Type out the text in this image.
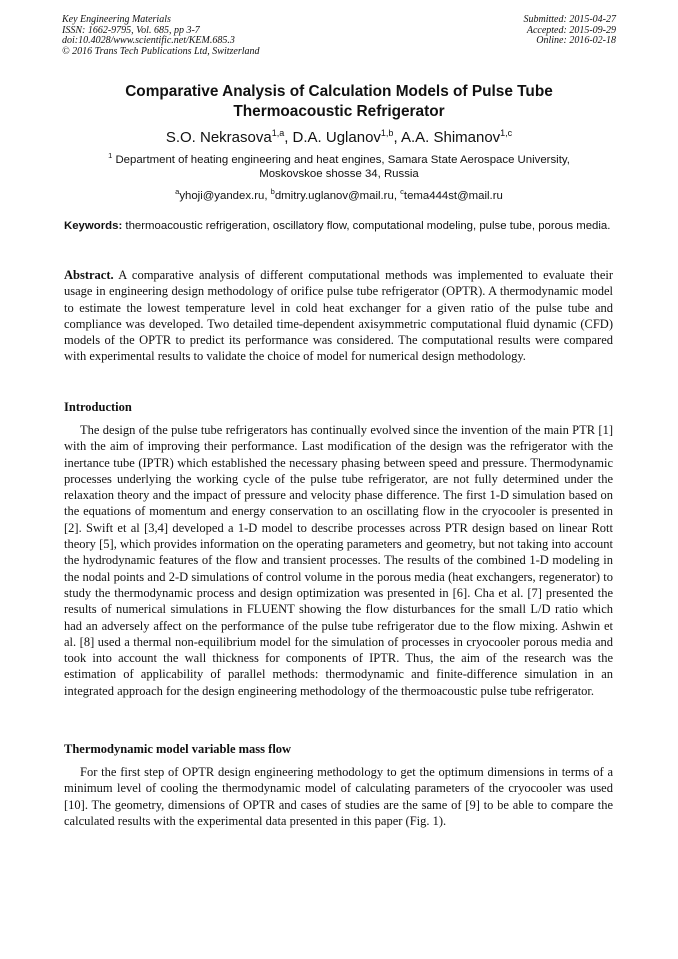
Key Engineering Materials
ISSN: 1662-9795, Vol. 685, pp 3-7
doi:10.4028/www.scientific.net/KEM.685.3
© 2016 Trans Tech Publications Ltd, Switzerland
Submitted: 2015-04-27
Accepted: 2015-09-29
Online: 2016-02-18
Comparative Analysis of Calculation Models of Pulse Tube
Thermoacoustic Refrigerator
S.O. Nekrasova$^{1,a}$, D.A. Uglanov$^{1,b}$, A.A. Shimanov$^{1,c}$
$^1$ Department of heating engineering and heat engines, Samara State Aerospace University,
Moskovskoe shosse 34, Russia
$^a$yhoji@yandex.ru, $^b$dmitry.uglanov@mail.ru, $^c$tema444st@mail.ru
Keywords: thermoacoustic refrigeration, oscillatory flow, computational modeling, pulse tube, porous media.
Abstract. A comparative analysis of different computational methods was implemented to evaluate their usage in engineering design methodology of orifice pulse tube refrigerator (OPTR). A thermodynamic model to estimate the lowest temperature level in cold heat exchanger for a given ratio of the pulse tube and compliance was developed. Two detailed time-dependent axisymmetric computational fluid dynamic (CFD) models of the OPTR to predict its performance was considered. The computational results were compared with experimental results to validate the choice of model for numerical design methodology.
Introduction
The design of the pulse tube refrigerators has continually evolved since the invention of the main PTR [1] with the aim of improving their performance. Last modification of the design was the refrigerator with the inertance tube (IPTR) which established the necessary phasing between speed and pressure. Thermodynamic processes underlying the working cycle of the pulse tube refrigerator, are not fully determined under the relaxation theory and the impact of pressure and velocity phase difference. The first 1-D simulation based on the equations of momentum and energy conservation to an oscillating flow in the cryocooler is presented in [2]. Swift et al [3,4] developed a 1-D model to describe processes across PTR design based on linear Rott theory [5], which provides information on the operating parameters and geometry, but not taking into account the hydrodynamic features of the flow and transient processes. The results of the combined 1-D modeling in the nodal points and 2-D simulations of control volume in the porous media (heat exchangers, regenerator) to study the thermodynamic process and design optimization was presented in [6]. Cha et al. [7] presented the results of numerical simulations in FLUENT showing the flow disturbances for the small L/D ratio which had an adversely affect on the performance of the pulse tube refrigerator due to the flow mixing. Ashwin et al. [8] used a thermal non-equilibrium model for the simulation of processes in cryocooler porous media and took into account the wall thickness for components of IPTR. Thus, the aim of the research was the estimation of applicability of parallel methods: thermodynamic and finite-difference simulation in an integrated approach for the design engineering methodology of the thermoacoustic pulse tube refrigerator.
Thermodynamic model variable mass flow
For the first step of OPTR design engineering methodology to get the optimum dimensions in terms of a minimum level of cooling the thermodynamic model of calculating parameters of the cryocooler was used [10]. The geometry, dimensions of OPTR and cases of studies are the same of [9] to be able to compare the calculated results with the experimental data presented in this paper (Fig. 1).
